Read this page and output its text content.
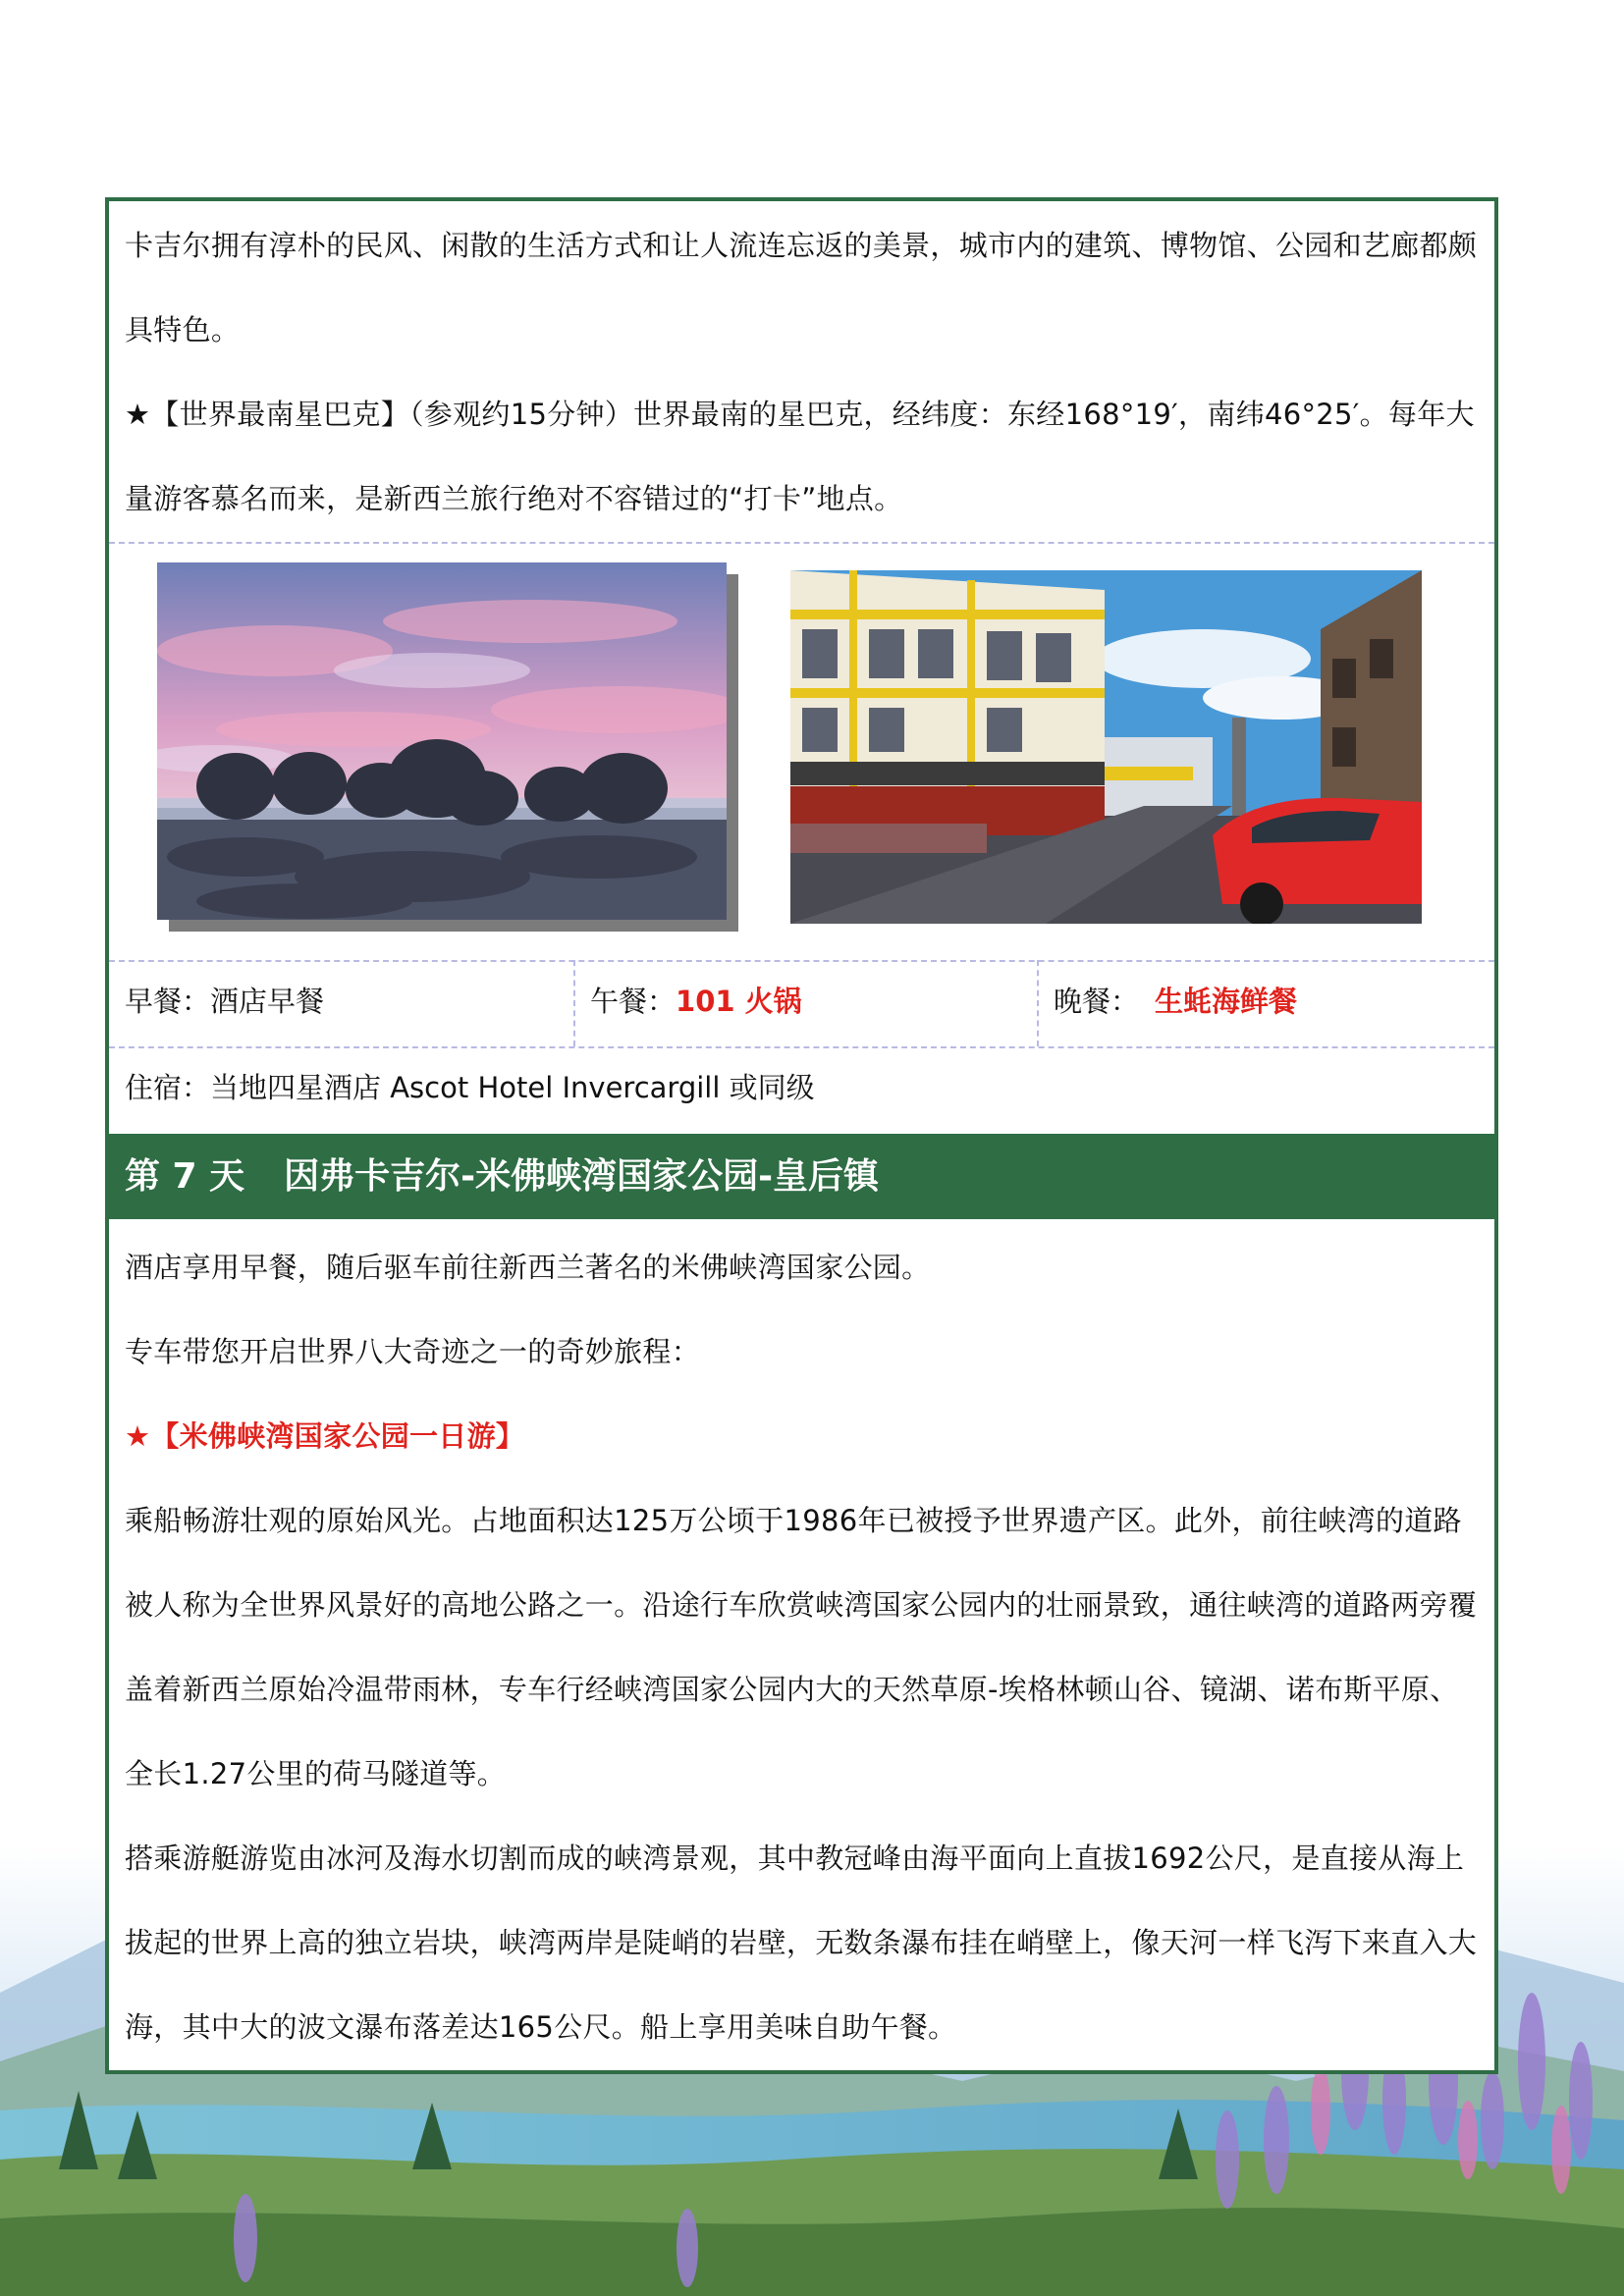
卡吉尔拥有淳朴的民风、闲散的生活方式和让人流连忘返的美景，城市内的建筑、博物馆、公园和艺廊都颇具特色。

★【世界最南星巴克】（参观约15分钟）世界最南的星巴克，经纬度：东经168°19′，南纬46°25′。每年大量游客慕名而来，是新西兰旅行绝对不容错过的“打卡”地点。

早餐：酒店早餐	午餐：101 火锅	晚餐： 生蚝海鲜餐
住宿：当地四星酒店 Ascot Hotel Invercargill 或同级
第 7 天 因弗卡吉尔-米佛峡湾国家公园-皇后镇

酒店享用早餐，随后驱车前往新西兰著名的米佛峡湾国家公园。

专车带您开启世界八大奇迹之一的奇妙旅程：

★【米佛峡湾国家公园一日游】

乘船畅游壮观的原始风光。占地面积达125万公顷于1986年已被授予世界遗产区。此外，前往峡湾的道路被人称为全世界风景好的高地公路之一。沿途行车欣赏峡湾国家公园内的壮丽景致，通往峡湾的道路两旁覆盖着新西兰原始冷温带雨林，专车行经峡湾国家公园内大的天然草原-埃格林顿山谷、镜湖、诺布斯平原、全长1.27公里的荷马隧道等。

搭乘游艇游览由冰河及海水切割而成的峡湾景观，其中教冠峰由海平面向上直拔1692公尺，是直接从海上拔起的世界上高的独立岩块，峡湾两岸是陡峭的岩壁，无数条瀑布挂在峭壁上，像天河一样飞泻下来直入大海，其中大的波文瀑布落差达165公尺。船上享用美味自助午餐。
